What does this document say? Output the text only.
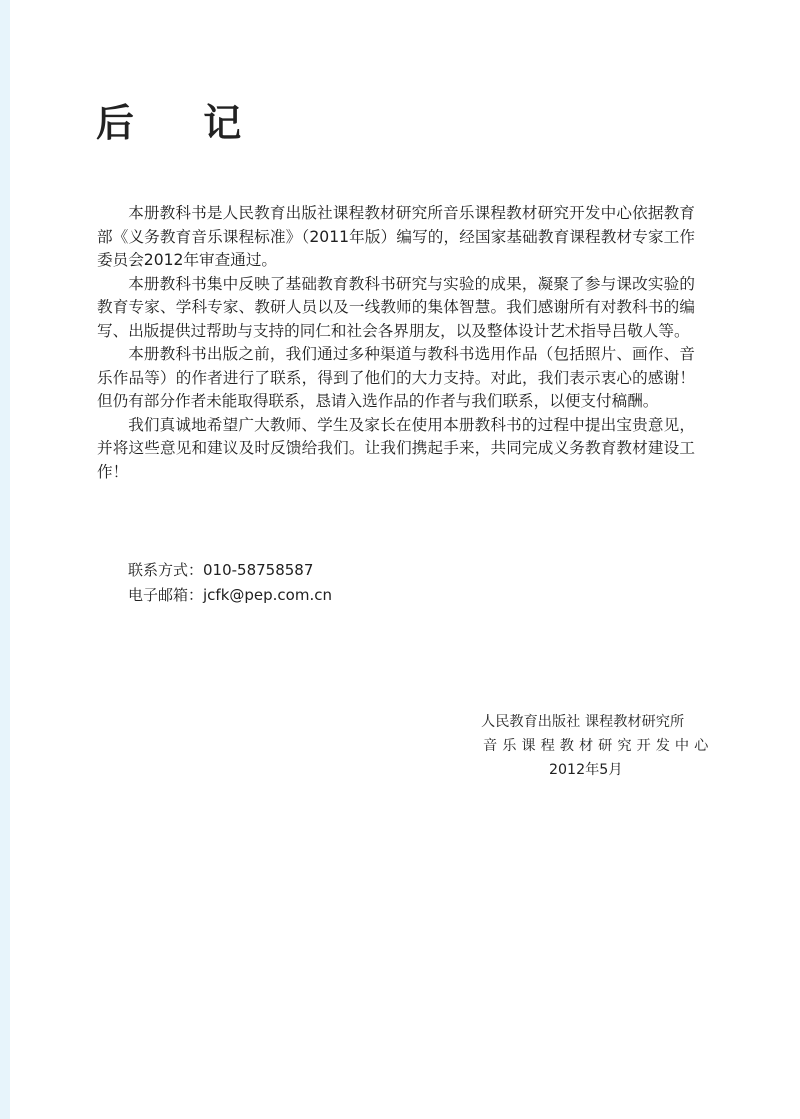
后 记

本册教科书是人民教育出版社课程教材研究所音乐课程教材研究开发中心依据教育部《义务教育音乐课程标准》（2011年版）编写的，经国家基础教育课程教材专家工作委员会2012年审查通过。

本册教科书集中反映了基础教育教科书研究与实验的成果，凝聚了参与课改实验的教育专家、学科专家、教研人员以及一线教师的集体智慧。我们感谢所有对教科书的编写、出版提供过帮助与支持的同仁和社会各界朋友，以及整体设计艺术指导吕敬人等。

本册教科书出版之前，我们通过多种渠道与教科书选用作品（包括照片、画作、音乐作品等）的作者进行了联系，得到了他们的大力支持。对此，我们表示衷心的感谢！但仍有部分作者未能取得联系，恳请入选作品的作者与我们联系，以便支付稿酬。

我们真诚地希望广大教师、学生及家长在使用本册教科书的过程中提出宝贵意见，并将这些意见和建议及时反馈给我们。让我们携起手来，共同完成义务教育教材建设工作！

联系方式：010-58758587
电子邮箱：jcfk@pep.com.cn
人民教育出版社 课程教材研究所
音乐课程教材研究开发中心
2012年5月
